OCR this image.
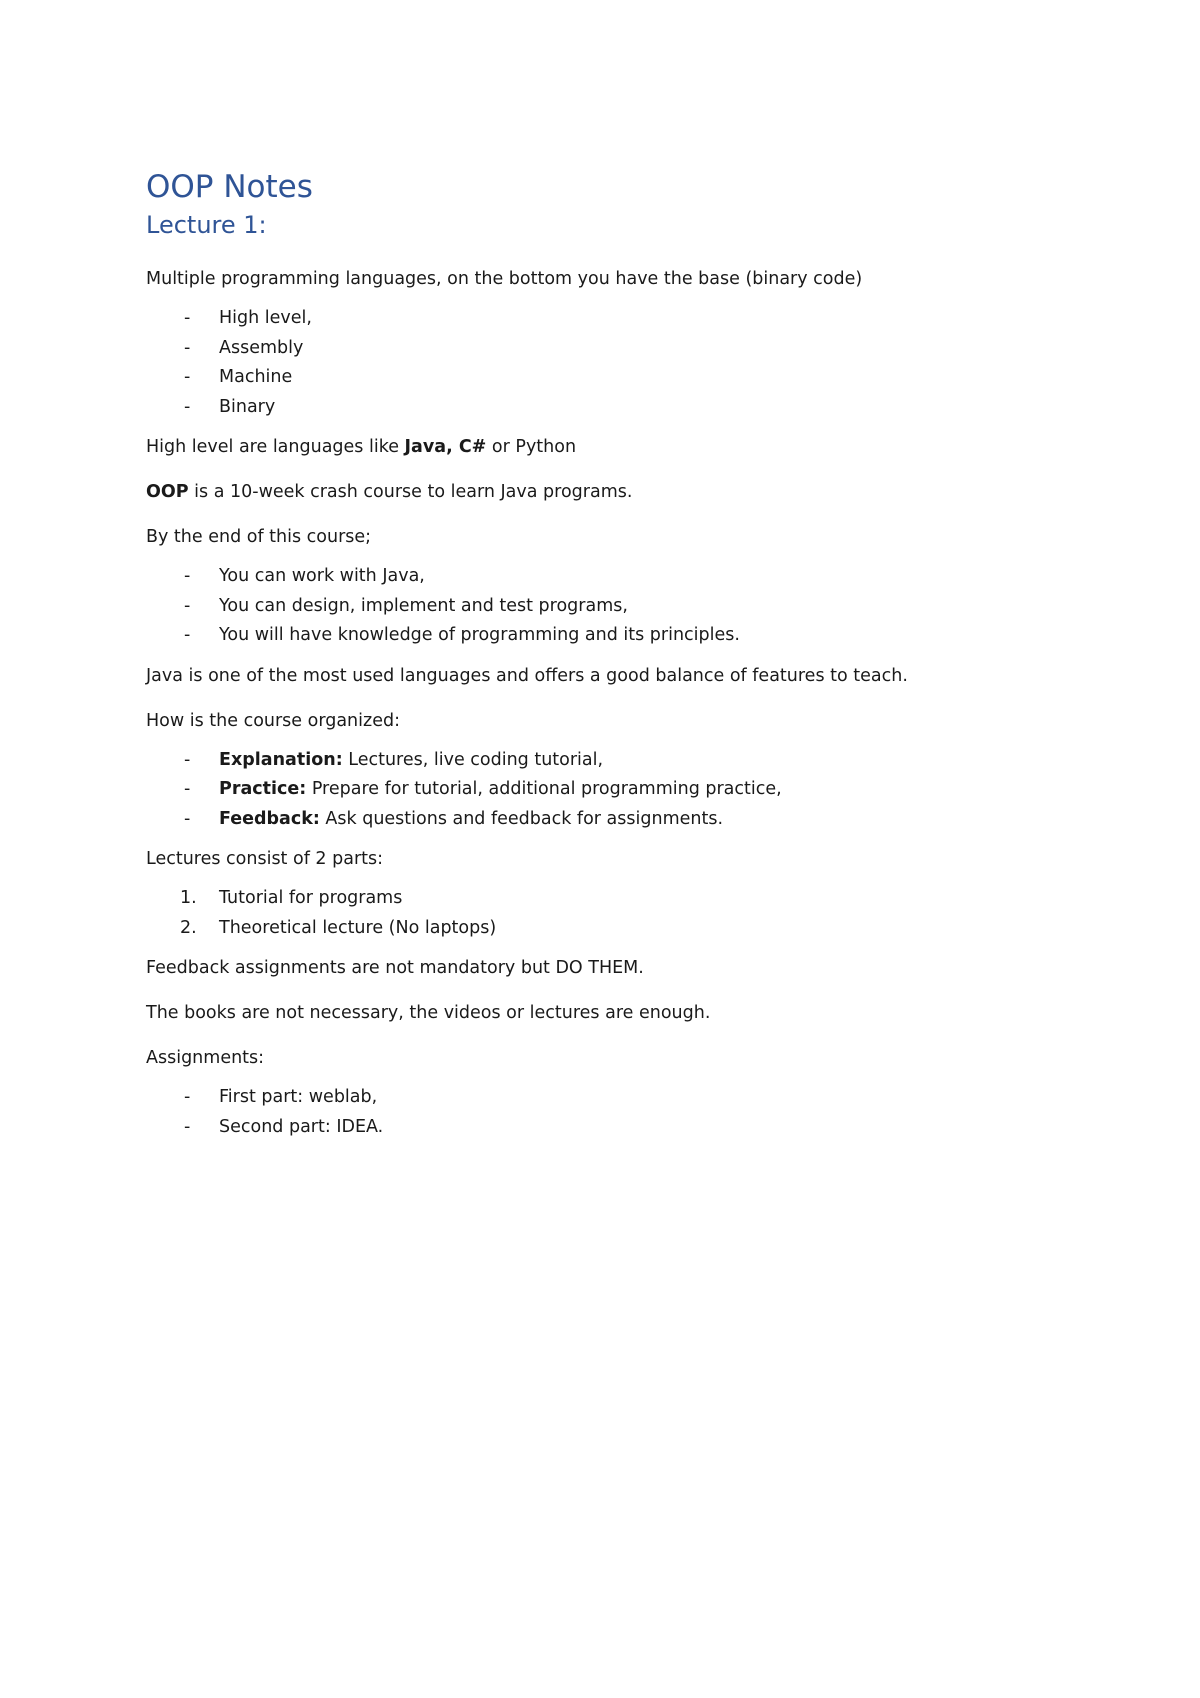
OOP Notes
Lecture 1:

Multiple programming languages, on the bottom you have the base (binary code)

- High level,
- Assembly
- Machine
- Binary

High level are languages like Java, C# or Python

OOP is a 10-week crash course to learn Java programs.

By the end of this course;

- You can work with Java,
- You can design, implement and test programs,
- You will have knowledge of programming and its principles.

Java is one of the most used languages and offers a good balance of features to teach.

How is the course organized:

- Explanation: Lectures, live coding tutorial,
- Practice: Prepare for tutorial, additional programming practice,
- Feedback: Ask questions and feedback for assignments.

Lectures consist of 2 parts:

1. Tutorial for programs
2. Theoretical lecture (No laptops)

Feedback assignments are not mandatory but DO THEM.

The books are not necessary, the videos or lectures are enough.

Assignments:

- First part: weblab,
- Second part: IDEA.
